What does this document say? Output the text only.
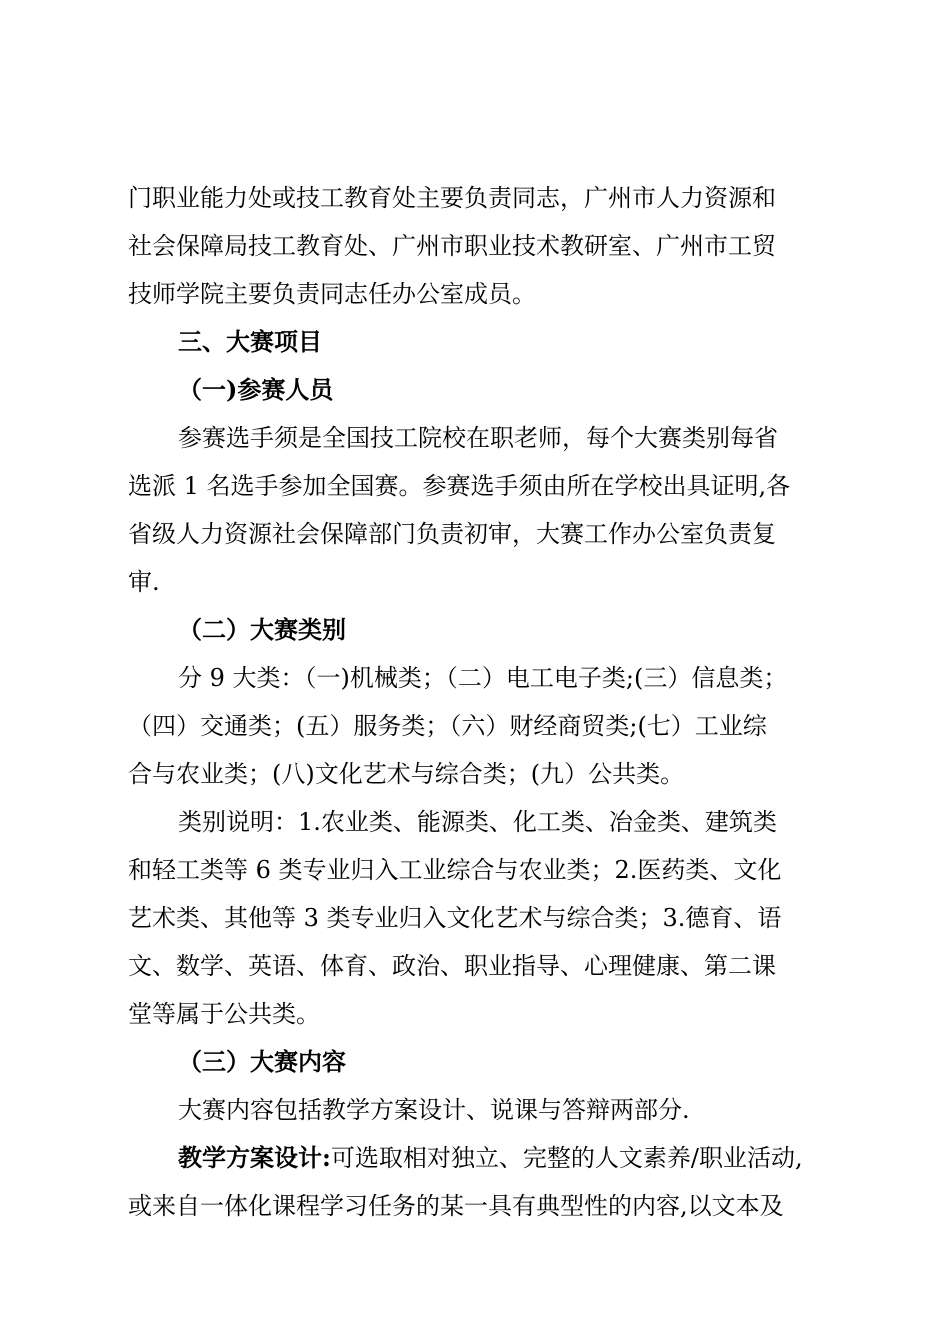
门职业能力处或技工教育处主要负责同志，广州市人力资源和
社会保障局技工教育处、广州市职业技术教研室、广州市工贸
技师学院主要负责同志任办公室成员。
三、大赛项目
（一)参赛人员
参赛选手须是全国技工院校在职老师，每个大赛类别每省
选派 1 名选手参加全国赛。参赛选手须由所在学校出具证明,各
省级人力资源社会保障部门负责初审，大赛工作办公室负责复
审.
（二）大赛类别
分 9 大类：（一)机械类；（二）电工电子类;(三）信息类；
（四）交通类；(五）服务类；（六）财经商贸类;(七）工业综
合与农业类；(八)文化艺术与综合类；(九）公共类。
类别说明：1.农业类、能源类、化工类、冶金类、建筑类
和轻工类等 6 类专业归入工业综合与农业类；2.医药类、文化
艺术类、其他等 3 类专业归入文化艺术与综合类；3.德育、语
文、数学、英语、体育、政治、职业指导、心理健康、第二课
堂等属于公共类。
（三）大赛内容
大赛内容包括教学方案设计、说课与答辩两部分.
教学方案设计:可选取相对独立、完整的人文素养/职业活动,
或来自一体化课程学习任务的某一具有典型性的内容,以文本及
